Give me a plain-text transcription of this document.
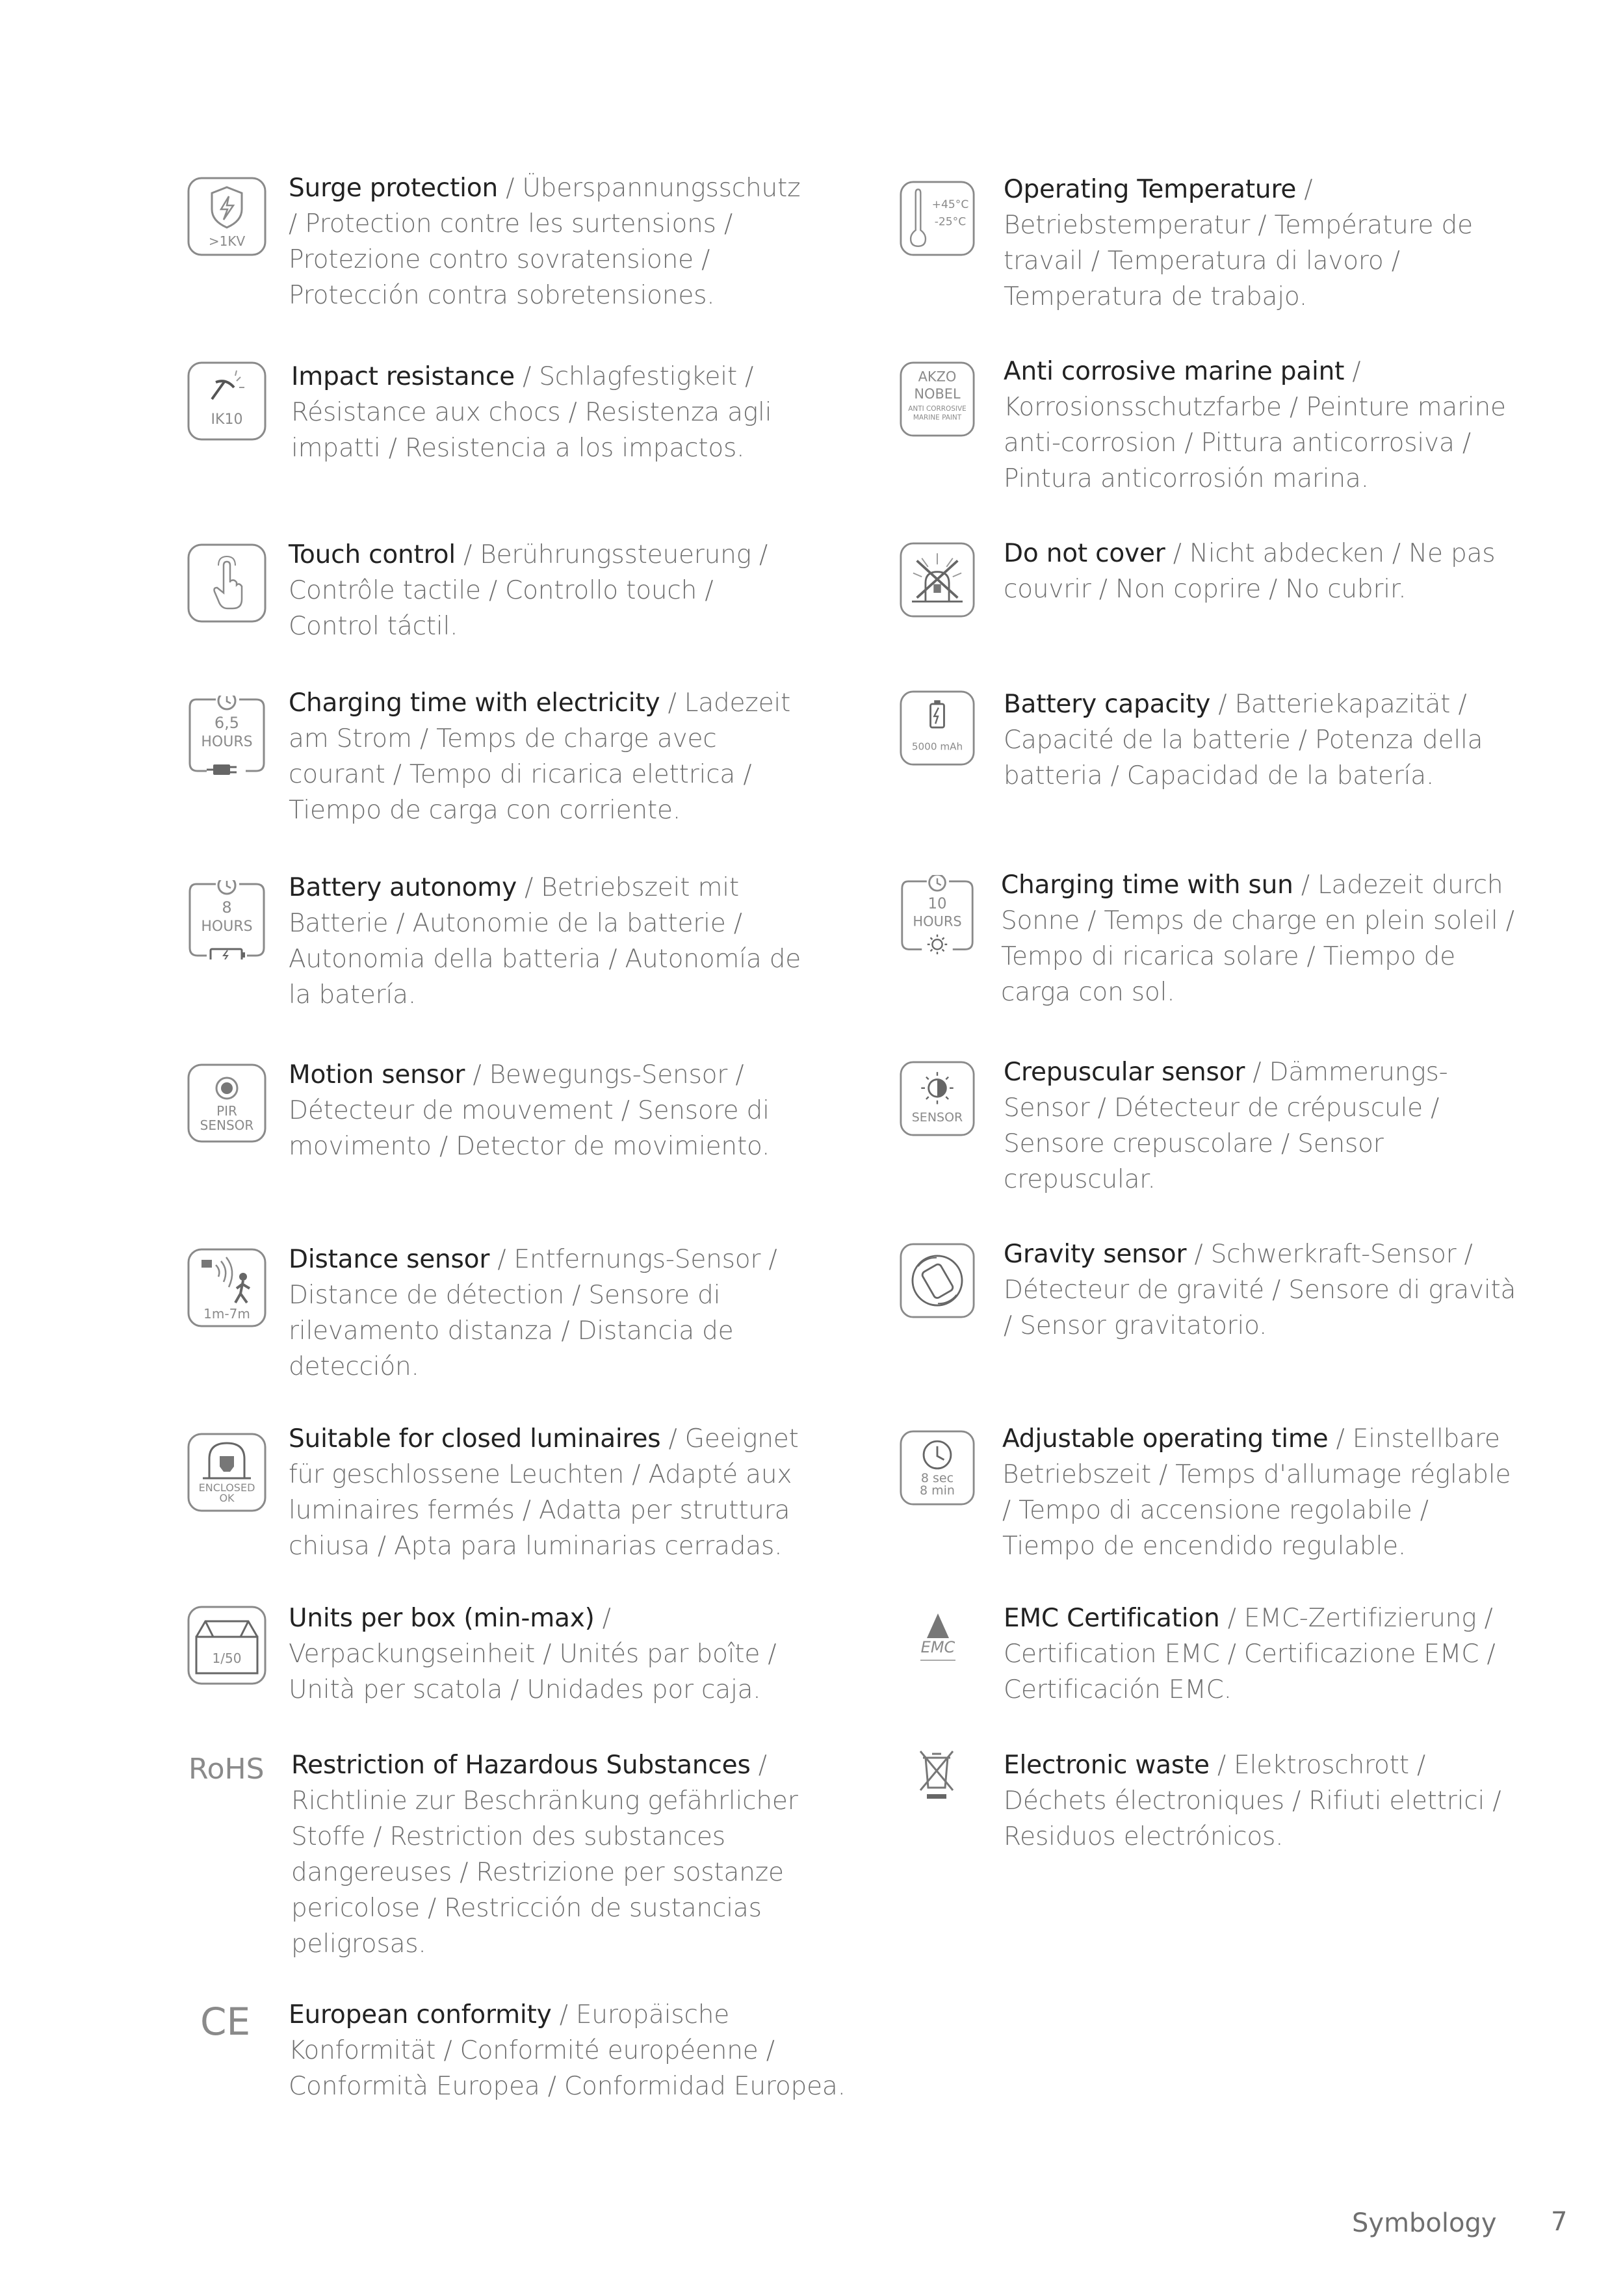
>1KV
Surge protection / Überspannungsschutz / Protection contre les surtensions / Protezione contro sovratensione / Protección contra sobretensiones.
IK10
Impact resistance / Schlagfestigkeit / Résistance aux chocs / Resistenza agli impatti / Resistencia a los impactos.
Touch control / Berührungssteuerung / Contrôle tactile / Controllo touch / Control táctil.
6,5
HOURS
Charging time with electricity / Ladezeit am Strom / Temps de charge avec courant / Tempo di ricarica elettrica / Tiempo de carga con corriente.
8
HOURS
Battery autonomy / Betriebszeit mit Batterie / Autonomie de la batterie / Autonomia della batteria / Autonomía de la batería.
PIR
SENSOR
Motion sensor / Bewegungs-Sensor / Détecteur de mouvement / Sensore di movimento / Detector de movimiento.
1m-7m
Distance sensor / Entfernungs-Sensor / Distance de détection / Sensore di rilevamento distanza / Distancia de detección.
ENCLOSED
OK
Suitable for closed luminaires / Geeignet für geschlossene Leuchten / Adapté aux luminaires fermés / Adatta per struttura chiusa / Apta para luminarias cerradas.
1/50
Units per box (min-max) / Verpackungseinheit / Unités par boîte / Unità per scatola / Unidades por caja.
RoHS Restriction of Hazardous Substances / Richtlinie zur Beschränkung gefährlicher Stoffe / Restriction des substances dangereuses / Restrizione per sostanze pericolose / Restricción de sustancias peligrosas.
CE European conformity / Europäische Konformität / Conformité européenne / Conformità Europea / Conformidad Europea.
+45°C
-25°C
Operating Temperature / Betriebstemperatur / Température de travail / Temperatura di lavoro / Temperatura de trabajo.
AKZO
NOBEL
ANTI CORROSIVE
MARINE PAINT
Anti corrosive marine paint / Korrosionsschutzfarbe / Peinture marine anti-corrosion / Pittura anticorrosiva / Pintura anticorrosión marina.
Do not cover / Nicht abdecken / Ne pas couvrir / Non coprire / No cubrir.
5000 mAh
Battery capacity / Batteriekapazität / Capacité de la batterie / Potenza della batteria / Capacidad de la batería.
10
HOURS
Charging time with sun / Ladezeit durch Sonne / Temps de charge en plein soleil / Tempo di ricarica solare / Tiempo de carga con sol.
SENSOR
Crepuscular sensor / Dämmerungs-Sensor / Détecteur de crépuscule / Sensore crepuscolare / Sensor crepuscular.
Gravity sensor / Schwerkraft-Sensor / Détecteur de gravité / Sensore di gravità / Sensor gravitatorio.
8 sec
8 min
Adjustable operating time / Einstellbare Betriebszeit / Temps d'allumage réglable / Tempo di accensione regolabile / Tiempo de encendido regulable.
EMC
EMC Certification / EMC-Zertifizierung / Certification EMC / Certificazione EMC / Certificación EMC.
Electronic waste / Elektroschrott / Déchets électroniques / Rifiuti elettrici / Residuos electrónicos.
Symbology 7
